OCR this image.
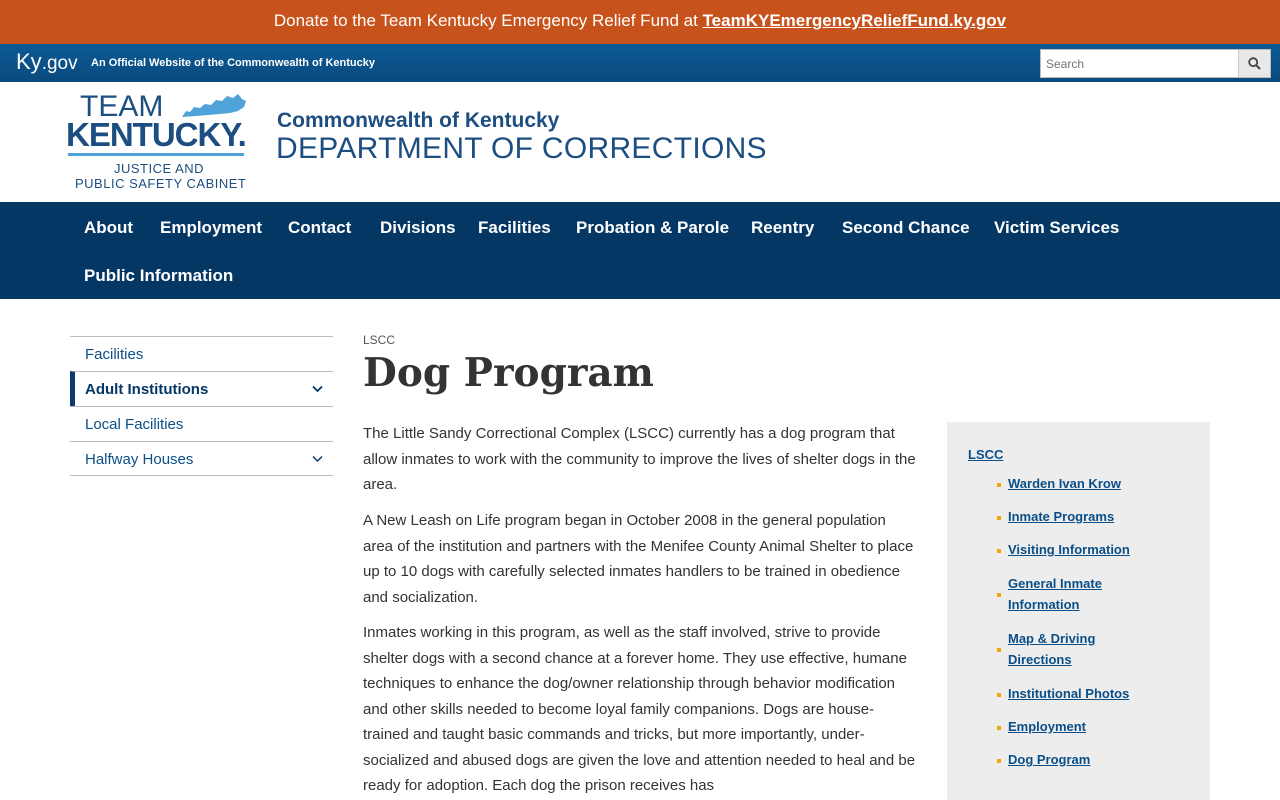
Donate to the Team Kentucky Emergency Relief Fund at TeamKYEmergencyReliefFund.ky.gov
Ky.gov An Official Website of the Commonwealth of Kentucky
Search
TEAM
KENTUCKY.
JUSTICE AND
PUBLIC SAFETY CABINET
Commonwealth of Kentucky
DEPARTMENT OF CORRECTIONS
About Employment Contact Divisions Facilities Probation & Parole Reentry Second Chance Victim Services
Public Information
Facilities
Adult Institutions
Local Facilities
Halfway Houses
LSCC
Dog Program

The Little Sandy Correctional Complex (LSCC) currently has a dog program that allow inmates to work with the community to improve the lives of shelter dogs in the area.

A New Leash on Life program began in October 2008 in the general population area of the institution and partners with the Menifee County Animal Shelter to place up to 10 dogs with carefully selected inmates handlers to be trained in obedience and socialization.

Inmates working in this program, as well as the staff involved, strive to provide shelter dogs with a second chance at a forever home. They use effective, humane techniques to enhance the dog/owner relationship through behavior modification and other skills needed to become loyal family companions. Dogs are house-trained and taught basic commands and tricks, but more importantly, under-socialized and abused dogs are given the love and attention needed to heal and be ready for adoption. Each dog the prison receives has

LSCC
Warden Ivan Krow
Inmate Programs
Visiting Information
General Inmate Information
Map & Driving Directions
Institutional Photos
Employment
Dog Program
